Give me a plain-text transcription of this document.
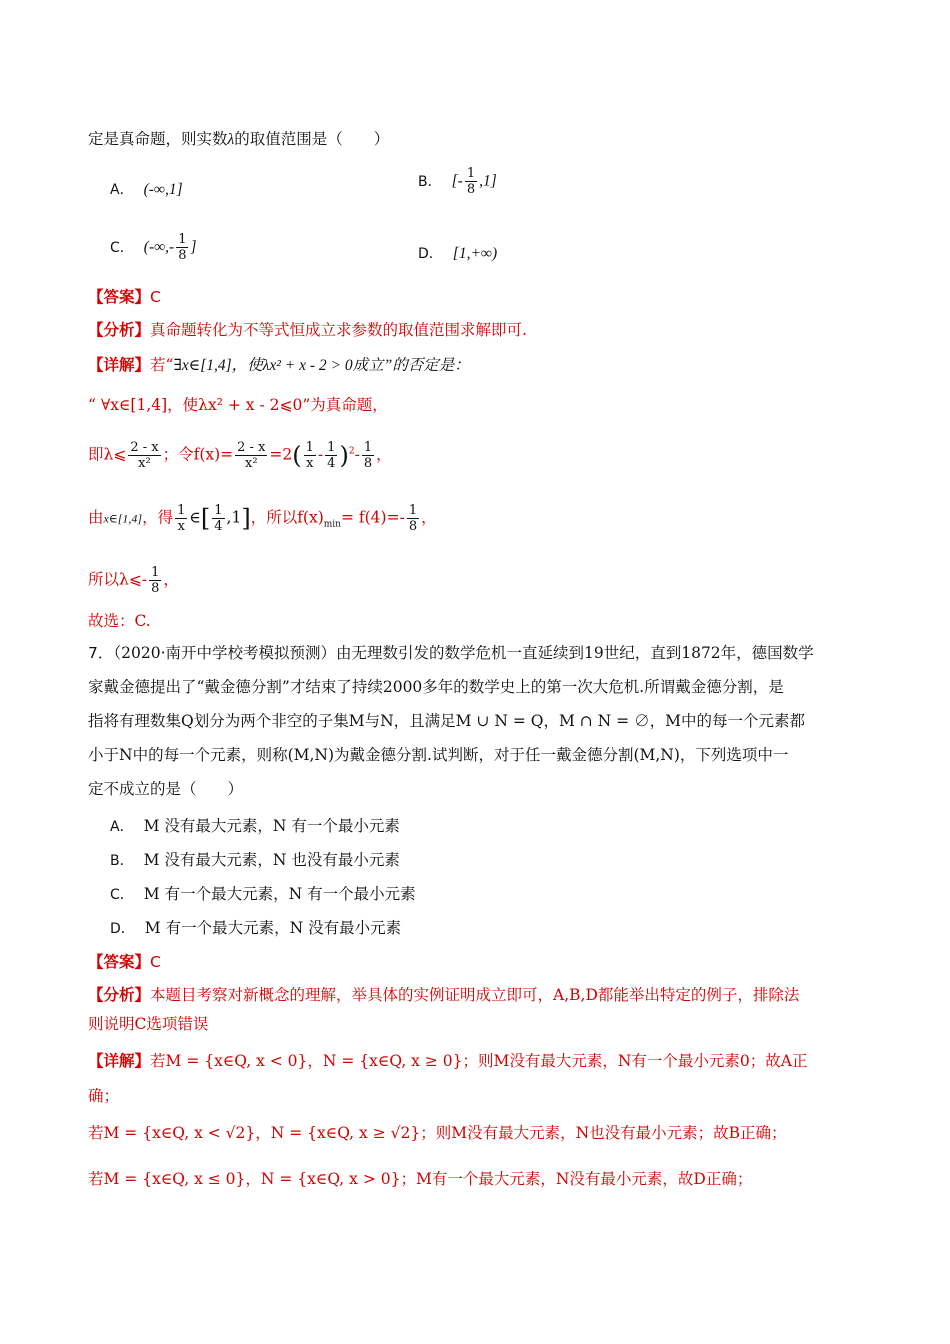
定是真命题，则实数λ的取值范围是（　　）
A． (-∞,1]	B． [- $\frac{1}{8} ,1$]
C． (-∞,- $\frac{1}{8}$ ]	D． [1,+∞)
【答案】C
【分析】真命题转化为不等式恒成立求参数的取值范围求解即可.
【详解】若“∃x∈[1,4]，使λx² + x - 2 > 0成立”的否定是：
“ ∀x∈[1,4]，使λx² + x - 2⩽0”为真命题，
即λ⩽ $\frac{2 - x}{\text{x²}}$ ；令$f(x)= \frac{2 - x}{\text{x²}} =2( \frac{1}{x} - \frac{1}{4} )^2- \frac{1}{8}$ ，
由x∈[1,4]，得 $\frac{1}{x}$ ∈[ $\frac{1}{4} ,1$]，所以$f(x)_{min}= f(4)=- \frac{1}{8}$ ，
所以λ⩽- $\frac{1}{8}$ ，
故选：C.
7．（2020·南开中学校考模拟预测）由无理数引发的数学危机一直延续到19世纪，直到1872年，德国数学
家戴金德提出了“戴金德分割”才结束了持续2000多年的数学史上的第一次大危机.所谓戴金德分割，是
指将有理数集Q划分为两个非空的子集M与N，且满足M ∪ N = Q，M ∩ N = ∅，M中的每一个元素都
小于N中的每一个元素，则称(M,N)为戴金德分割.试判断，对于任一戴金德分割(M,N)，下列选项中一
定不成立的是（　　）
A． M 没有最大元素，N 有一个最小元素
B． M 没有最大元素，N 也没有最小元素
C． M 有一个最大元素，N 有一个最小元素
D． M 有一个最大元素，N 没有最小元素
【答案】C
【分析】本题目考察对新概念的理解，举具体的实例证明成立即可，A,B,D都能举出特定的例子，排除法
则说明C选项错误
【详解】若M = {x∈Q, x < 0}，N = {x∈Q, x ≥ 0}；则M没有最大元素，N有一个最小元素0；故A正
确；
若M = {x∈Q, x < √2}，N = {x∈Q, x ≥ √2}；则M没有最大元素，N也没有最小元素；故B正确；
若M = {x∈Q, x ≤ 0}，N = {x∈Q, x > 0}；M有一个最大元素，N没有最小元素，故D正确；
